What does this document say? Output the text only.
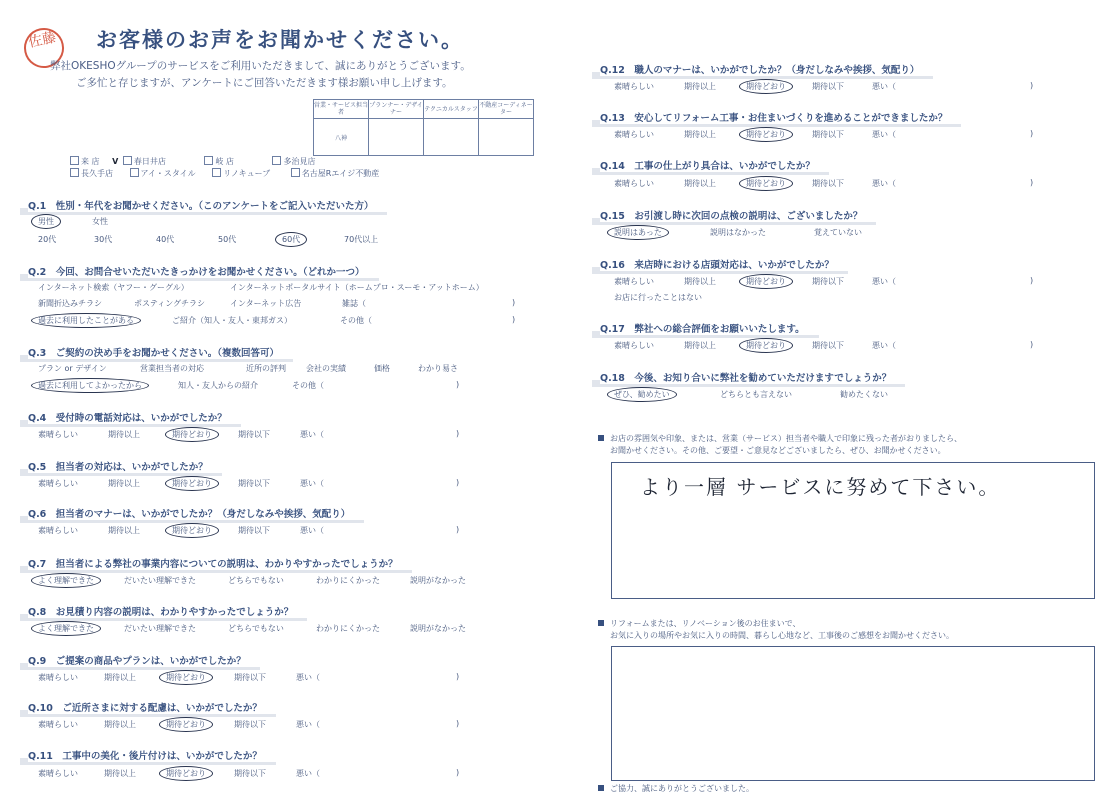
佐藤	お客様のお声をお聞かせください。
弊社OKESHOグループのサービスをご利用いただきまして、誠にありがとうございます。
ご多忙と存じますが、アンケートにご回答いただきます様お願い申し上げます。
営業・サービス担当者	プランナー・デザイナー	テクニカルスタッフ	不動産コーディネーター
八神			
来 店 V 春日井店	岐 店	多治見店
長久手店	アイ・スタイル	リノキューブ	名古屋Rエイジ不動産
Q.1　性別・年代をお聞かせください。（このアンケートをご記入いただいた方）
男性	女性
20代	30代	40代	50代	60代	70代以上
Q.2　今回、お問合せいただいたきっかけをお聞かせください。（どれか一つ）
インターネット検索（ヤフー・グーグル）	インターネットポータルサイト（ホームプロ・スーモ・アットホーム）
新聞折込みチラシ	ポスティングチラシ	インターネット広告	雑誌（	)
過去に利用したことがある	ご紹介（知人・友人・東邦ガス）	その他（	)
Q.3　ご契約の決め手をお聞かせください。（複数回答可）
プラン or デザイン	営業担当者の対応	近所の評判	会社の実績	価格	わかり易さ
過去に利用してよかったから	知人・友人からの紹介	その他（	)
Q.4　受付時の電話対応は、いかがでしたか？
素晴らしい	期待以上	期待どおり	期待以下	悪い（	)
Q.5　担当者の対応は、いかがでしたか？
素晴らしい	期待以上	期待どおり	期待以下	悪い（	)
Q.6　担当者のマナーは、いかがでしたか？（身だしなみや挨拶、気配り）
素晴らしい	期待以上	期待どおり	期待以下	悪い（	)
Q.7　担当者による弊社の事業内容についての説明は、わかりやすかったでしょうか？
よく理解できた	だいたい理解できた	どちらでもない	わかりにくかった	説明がなかった
Q.8　お見積り内容の説明は、わかりやすかったでしょうか？
よく理解できた	だいたい理解できた	どちらでもない	わかりにくかった	説明がなかった
Q.9　ご提案の商品やプランは、いかがでしたか？
素晴らしい	期待以上	期待どおり	期待以下	悪い（	)
Q.10　ご近所さまに対する配慮は、いかがでしたか？
素晴らしい	期待以上	期待どおり	期待以下	悪い（	)
Q.11　工事中の美化・後片付けは、いかがでしたか？
素晴らしい	期待以上	期待どおり	期待以下	悪い（	)
Q.12　職人のマナーは、いかがでしたか？（身だしなみや挨拶、気配り）
素晴らしい	期待以上	期待どおり	期待以下	悪い（	)
Q.13　安心してリフォーム工事・お住まいづくりを進めることができましたか？
素晴らしい	期待以上	期待どおり	期待以下	悪い（	)
Q.14　工事の仕上がり具合は、いかがでしたか？
素晴らしい	期待以上	期待どおり	期待以下	悪い（	)
Q.15　お引渡し時に次回の点検の説明は、ございましたか？
説明はあった	説明はなかった	覚えていない
Q.16　来店時における店頭対応は、いかがでしたか？
素晴らしい	期待以上	期待どおり	期待以下	悪い（	)
お店に行ったことはない
Q.17　弊社への総合評価をお願いいたします。
素晴らしい	期待以上	期待どおり	期待以下	悪い（	)
Q.18　今後、お知り合いに弊社を勧めていただけますでしょうか？
ぜひ、勧めたい	どちらとも言えない	勧めたくない
お店の雰囲気や印象、または、営業（サービス）担当者や職人で印象に残った者がおりましたら、
お聞かせください。その他、ご要望・ご意見などございましたら、ぜひ、お聞かせください。
より一層 サービスに努めて下さい。
リフォームまたは、リノベーション後のお住まいで、
お気に入りの場所やお気に入りの時間、暮らし心地など、工事後のご感想をお聞かせください。
ご協力、誠にありがとうございました。
